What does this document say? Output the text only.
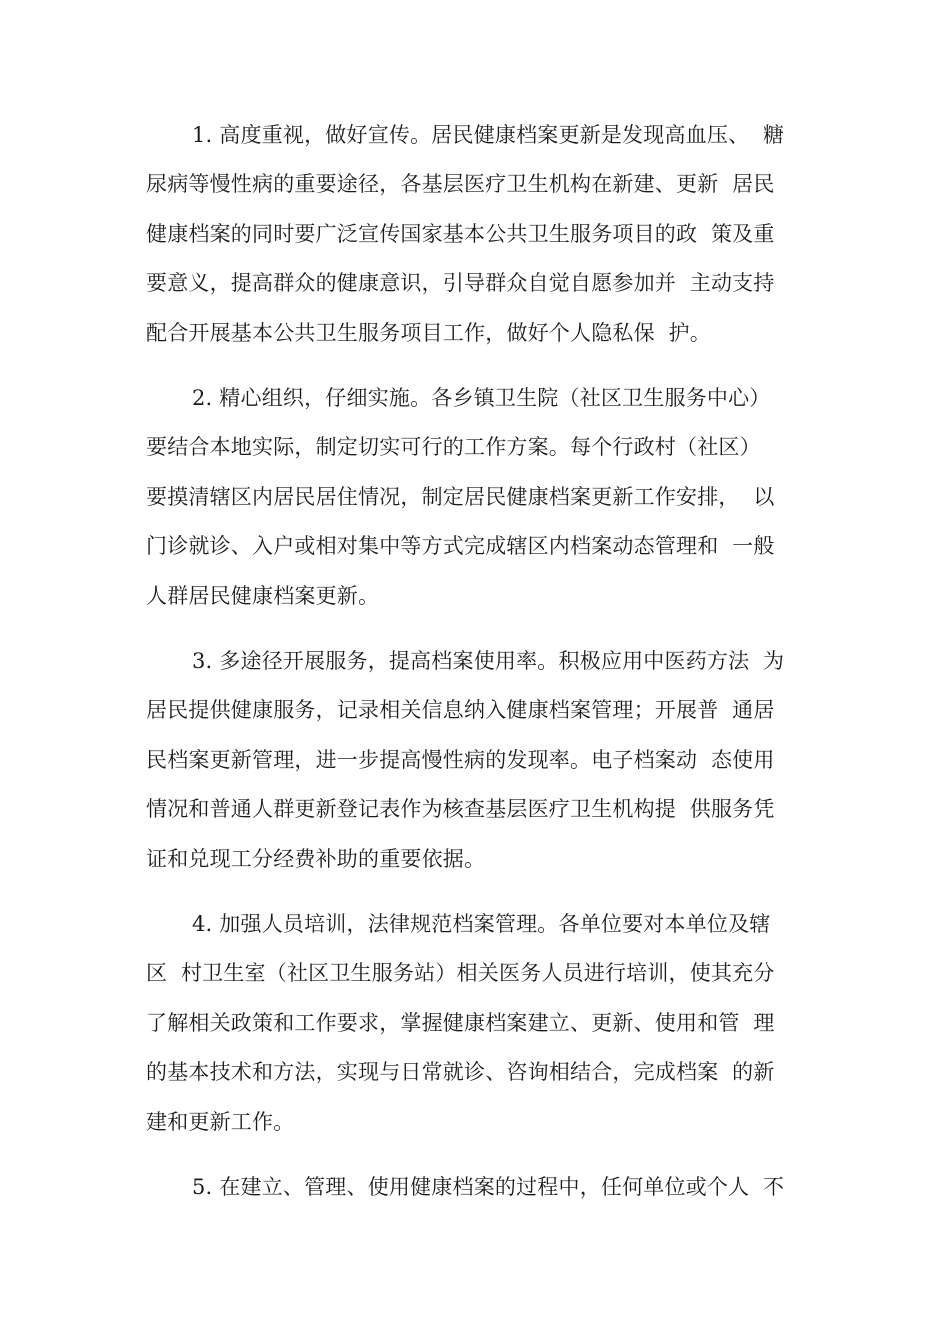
1. 高度重视，做好宣传。居民健康档案更新是发现高血压、  糖
尿病等慢性病的重要途径，各基层医疗卫生机构在新建、更新  居民
健康档案的同时要广泛宣传国家基本公共卫生服务项目的政  策及重
要意义，提高群众的健康意识，引导群众自觉自愿参加并  主动支持
配合开展基本公共卫生服务项目工作，做好个人隐私保  护。
2. 精心组织，仔细实施。各乡镇卫生院（社区卫生服务中心）
要结合本地实际，制定切实可行的工作方案。每个行政村（社区）
要摸清辖区内居民居住情况，制定居民健康档案更新工作安排，  以
门诊就诊、入户或相对集中等方式完成辖区内档案动态管理和  一般
人群居民健康档案更新。
3. 多途径开展服务，提高档案使用率。积极应用中医药方法  为
居民提供健康服务，记录相关信息纳入健康档案管理；开展普  通居
民档案更新管理，进一步提高慢性病的发现率。电子档案动  态使用
情况和普通人群更新登记表作为核查基层医疗卫生机构提  供服务凭
证和兑现工分经费补助的重要依据。
4. 加强人员培训，法律规范档案管理。各单位要对本单位及辖
区  村卫生室（社区卫生服务站）相关医务人员进行培训，使其充分
了解相关政策和工作要求，掌握健康档案建立、更新、使用和管  理
的基本技术和方法，实现与日常就诊、咨询相结合，完成档案  的新
建和更新工作。
5. 在建立、管理、使用健康档案的过程中，任何单位或个人  不
